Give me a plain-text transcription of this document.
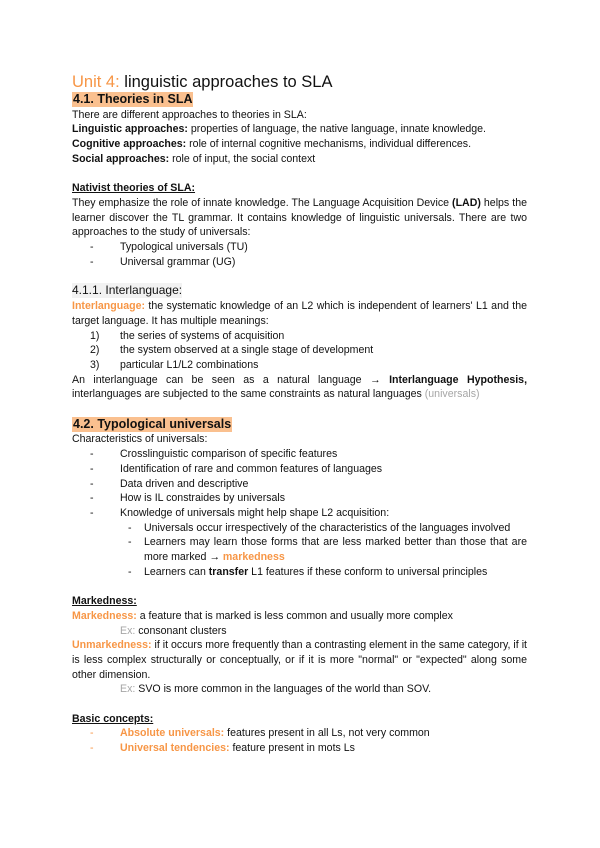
Unit 4: linguistic approaches to SLA

4.1. Theories in SLA

There are different approaches to theories in SLA:

Linguistic approaches: properties of language, the native language, innate knowledge.

Cognitive approaches: role of internal cognitive mechanisms, individual differences.

Social approaches: role of input, the social context

Nativist theories of SLA:

They emphasize the role of innate knowledge. The Language Acquisition Device (LAD) helps the learner discover the TL grammar. It contains knowledge of linguistic universals. There are two approaches to the study of universals:

- Typological universals (TU)
- Universal grammar (UG)
4.1.1. Interlanguage:

Interlanguage: the systematic knowledge of an L2 which is independent of learners' L1 and the target language. It has multiple meanings:

1) the series of systems of acquisition
2) the system observed at a single stage of development
3) particular L1/L2 combinations

An interlanguage can be seen as a natural language → Interlanguage Hypothesis, interlanguages are subjected to the same constraints as natural languages (universals)

4.2. Typological universals

Characteristics of universals:

- Crosslinguistic comparison of specific features
- Identification of rare and common features of languages
- Data driven and descriptive
- How is IL constraides by universals
- Knowledge of universals might help shape L2 acquisition:
- Universals occur irrespectively of the characteristics of the languages involved
- Learners may learn those forms that are less marked better than those that are more marked → markedness
- Learners can transfer L1 features if these conform to universal principles

Markedness:

Markedness: a feature that is marked is less common and usually more complex

Ex: consonant clusters

Unmarkedness: if it occurs more frequently than a contrasting element in the same category, if it is less complex structurally or conceptually, or if it is more "normal" or "expected" along some other dimension.

Ex: SVO is more common in the languages of the world than SOV.

Basic concepts:

- Absolute universals: features present in all Ls, not very common
- Universal tendencies: feature present in mots Ls
